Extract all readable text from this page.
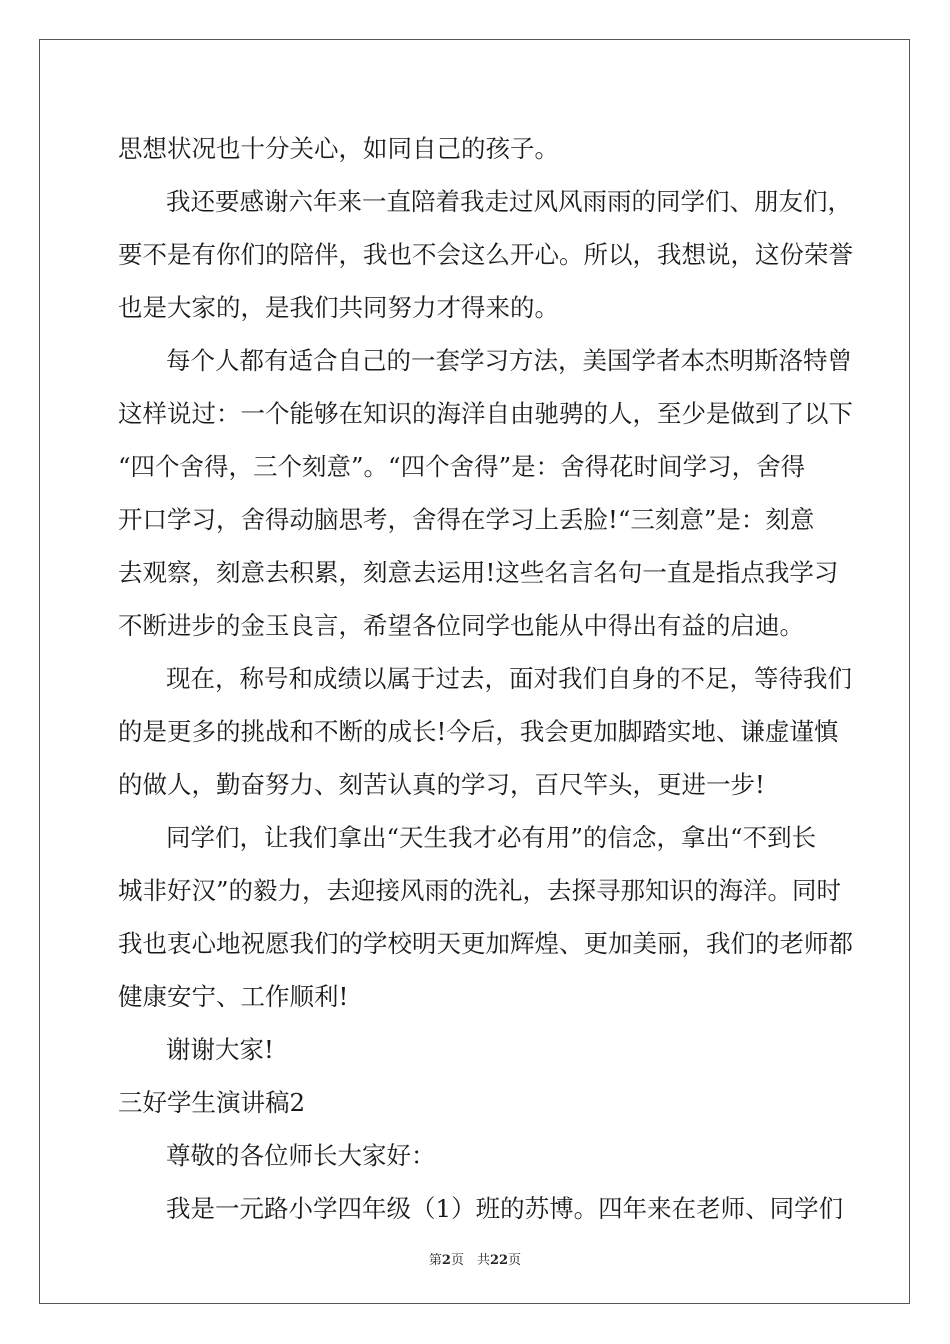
思想状况也十分关心，如同自己的孩子。

我还要感谢六年来一直陪着我走过风风雨雨的同学们、朋友们，

要不是有你们的陪伴，我也不会这么开心。所以，我想说，这份荣誉

也是大家的，是我们共同努力才得来的。

每个人都有适合自己的一套学习方法，美国学者本杰明斯洛特曾

这样说过：一个能够在知识的海洋自由驰骋的人，至少是做到了以下

“四个舍得，三个刻意”。“四个舍得”是：舍得花时间学习，舍得

开口学习，舍得动脑思考，舍得在学习上丢脸!“三刻意”是：刻意

去观察，刻意去积累，刻意去运用!这些名言名句一直是指点我学习

不断进步的金玉良言，希望各位同学也能从中得出有益的启迪。

现在，称号和成绩以属于过去，面对我们自身的不足，等待我们

的是更多的挑战和不断的成长!今后，我会更加脚踏实地、谦虚谨慎

的做人，勤奋努力、刻苦认真的学习，百尺竿头，更进一步!

同学们，让我们拿出“天生我才必有用”的信念，拿出“不到长

城非好汉”的毅力，去迎接风雨的洗礼，去探寻那知识的海洋。同时

我也衷心地祝愿我们的学校明天更加辉煌、更加美丽，我们的老师都

健康安宁、工作顺利!

谢谢大家!

三好学生演讲稿2

尊敬的各位师长大家好：

我是一元路小学四年级（1）班的苏博。四年来在老师、同学们

第2页　共22页
